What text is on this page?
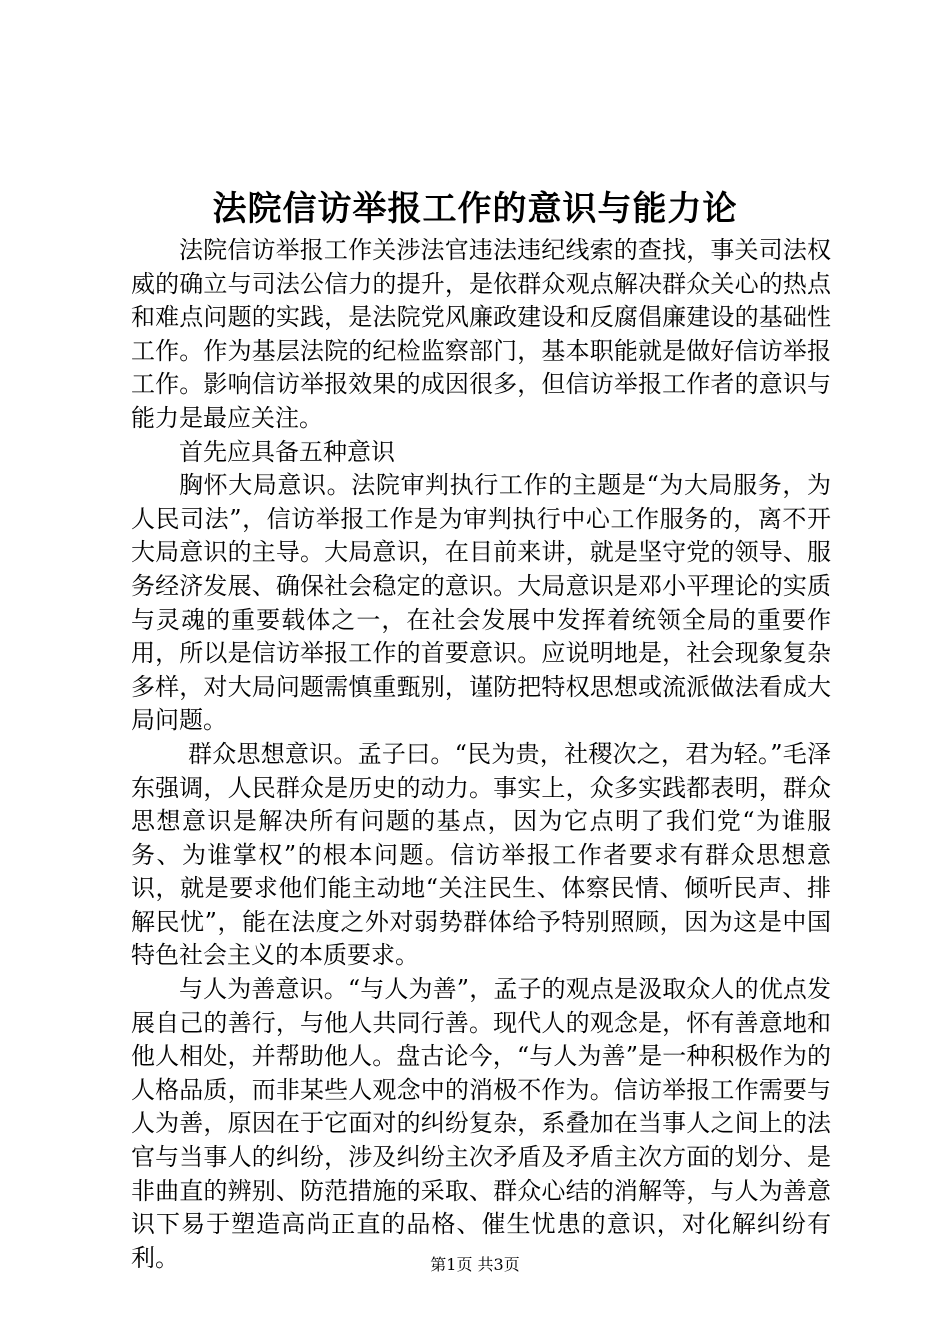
法院信访举报工作的意识与能力论

法院信访举报工作关涉法官违法违纪线索的查找，事关司法权威的确立与司法公信力的提升，是依群众观点解决群众关心的热点和难点问题的实践，是法院党风廉政建设和反腐倡廉建设的基础性工作。作为基层法院的纪检监察部门，基本职能就是做好信访举报工作。影响信访举报效果的成因很多，但信访举报工作者的意识与能力是最应关注。

首先应具备五种意识

胸怀大局意识。法院审判执行工作的主题是“为大局服务，为人民司法”，信访举报工作是为审判执行中心工作服务的，离不开大局意识的主导。大局意识，在目前来讲，就是坚守党的领导、服务经济发展、确保社会稳定的意识。大局意识是邓小平理论的实质与灵魂的重要载体之一，在社会发展中发挥着统领全局的重要作用，所以是信访举报工作的首要意识。应说明地是，社会现象复杂多样，对大局问题需慎重甄别，谨防把特权思想或流派做法看成大局问题。

群众思想意识。孟子曰。“民为贵，社稷次之，君为轻。”毛泽东强调，人民群众是历史的动力。事实上，众多实践都表明，群众思想意识是解决所有问题的基点，因为它点明了我们党“为谁服务、为谁掌权”的根本问题。信访举报工作者要求有群众思想意识，就是要求他们能主动地“关注民生、体察民情、倾听民声、排解民忧”，能在法度之外对弱势群体给予特别照顾，因为这是中国特色社会主义的本质要求。

与人为善意识。“与人为善”，孟子的观点是汲取众人的优点发展自己的善行，与他人共同行善。现代人的观念是，怀有善意地和他人相处，并帮助他人。盘古论今，“与人为善”是一种积极作为的人格品质，而非某些人观念中的消极不作为。信访举报工作需要与人为善，原因在于它面对的纠纷复杂，系叠加在当事人之间上的法官与当事人的纠纷，涉及纠纷主次矛盾及矛盾主次方面的划分、是非曲直的辨别、防范措施的采取、群众心结的消解等，与人为善意识下易于塑造高尚正直的品格、催生忧患的意识，对化解纠纷有利。	第1页 共3页
